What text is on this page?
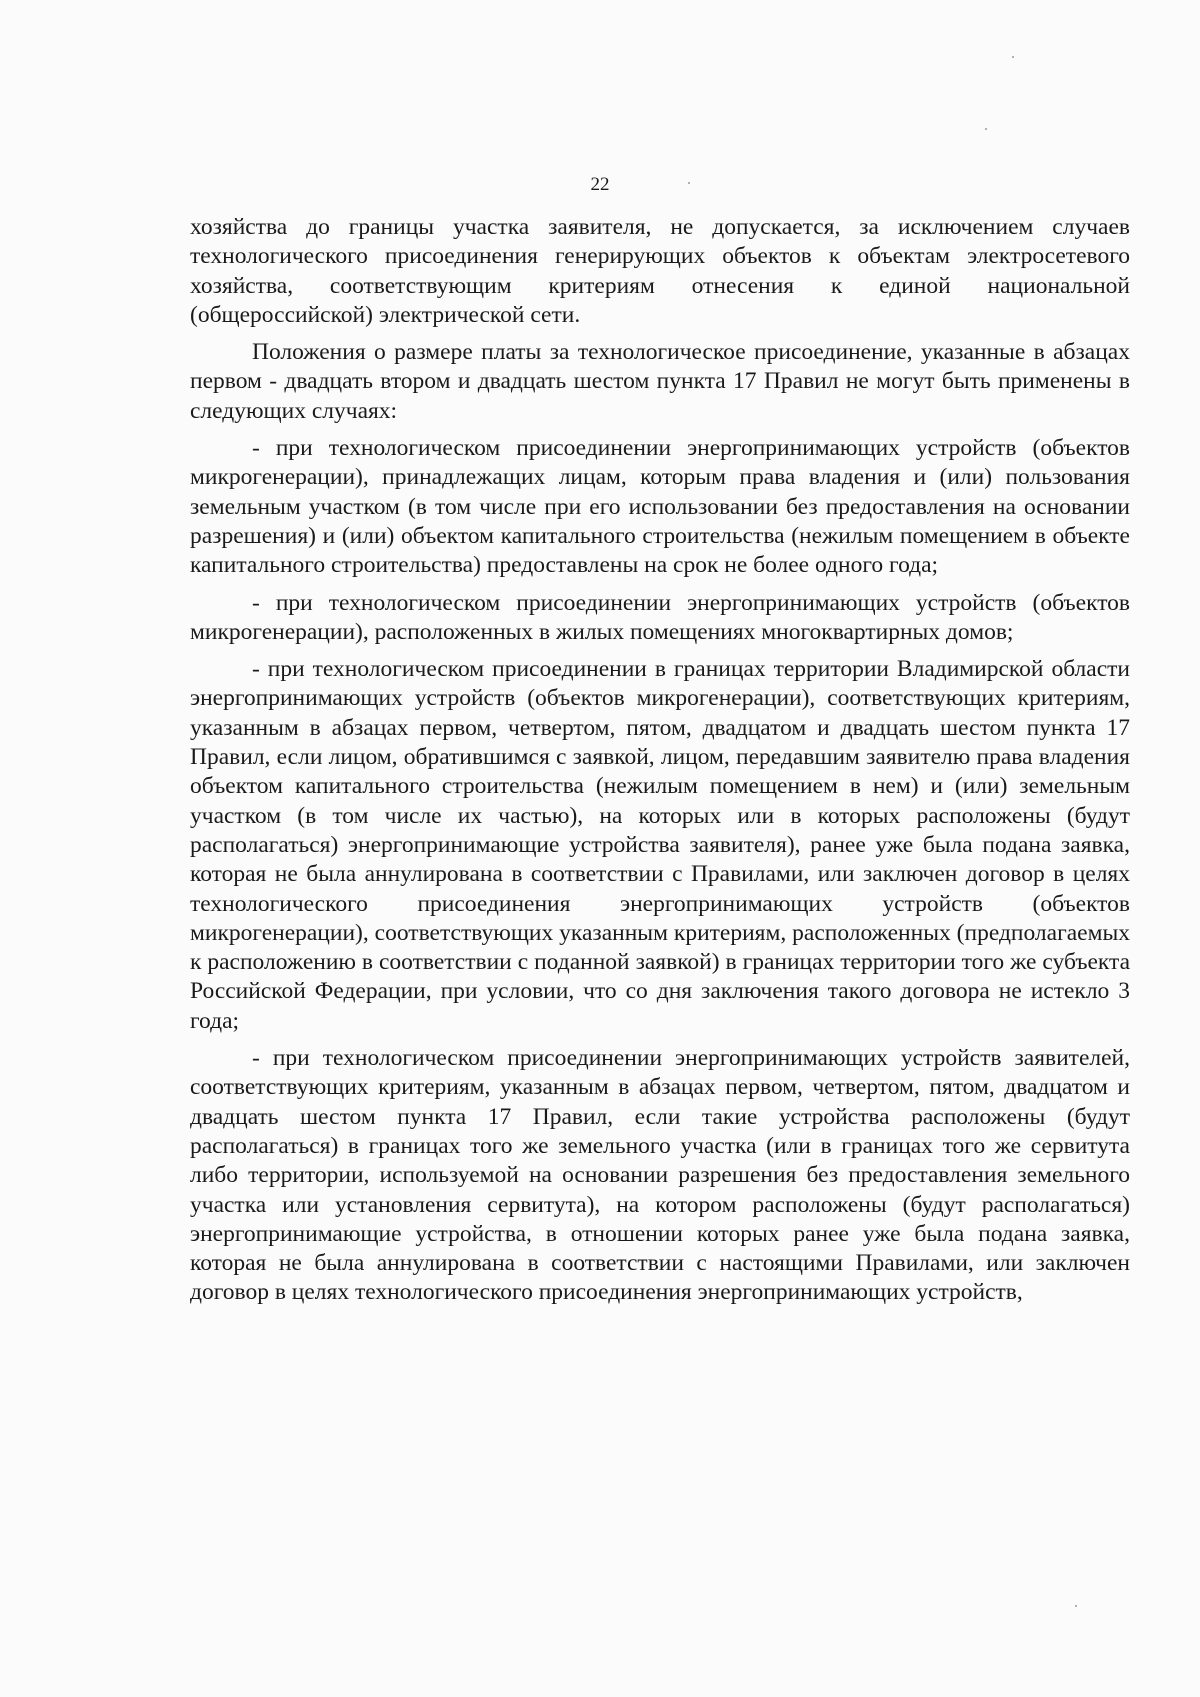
22

хозяйства до границы участка заявителя, не допускается, за исключением случаев технологического присоединения генерирующих объектов к объектам электросетевого хозяйства, соответствующим критериям отнесения к единой национальной (общероссийской) электрической сети.

Положения о размере платы за технологическое присоединение, указанные в абзацах первом - двадцать втором и двадцать шестом пункта 17 Правил не могут быть применены в следующих случаях:

- при технологическом присоединении энергопринимающих устройств (объектов микрогенерации), принадлежащих лицам, которым права владения и (или) пользования земельным участком (в том числе при его использовании без предоставления на основании разрешения) и (или) объектом капитального строительства (нежилым помещением в объекте капитального строительства) предоставлены на срок не более одного года;

- при технологическом присоединении энергопринимающих устройств (объектов микрогенерации), расположенных в жилых помещениях многоквартирных домов;

- при технологическом присоединении в границах территории Владимирской области энергопринимающих устройств (объектов микрогенерации), соответствующих критериям, указанным в абзацах первом, четвертом, пятом, двадцатом и двадцать шестом пункта 17 Правил, если лицом, обратившимся с заявкой, лицом, передавшим заявителю права владения объектом капитального строительства (нежилым помещением в нем) и (или) земельным участком (в том числе их частью), на которых или в которых расположены (будут располагаться) энергопринимающие устройства заявителя), ранее уже была подана заявка, которая не была аннулирована в соответствии с Правилами, или заключен договор в целях технологического присоединения энергопринимающих устройств (объектов микрогенерации), соответствующих указанным критериям, расположенных (предполагаемых к расположению в соответствии с поданной заявкой) в границах территории того же субъекта Российской Федерации, при условии, что со дня заключения такого договора не истекло 3 года;

- при технологическом присоединении энергопринимающих устройств заявителей, соответствующих критериям, указанным в абзацах первом, четвертом, пятом, двадцатом и двадцать шестом пункта 17 Правил, если такие устройства расположены (будут располагаться) в границах того же земельного участка (или в границах того же сервитута либо территории, используемой на основании разрешения без предоставления земельного участка или установления сервитута), на котором расположены (будут располагаться) энергопринимающие устройства, в отношении которых ранее уже была подана заявка, которая не была аннулирована в соответствии с настоящими Правилами, или заключен договор в целях технологического присоединения энергопринимающих устройств,
